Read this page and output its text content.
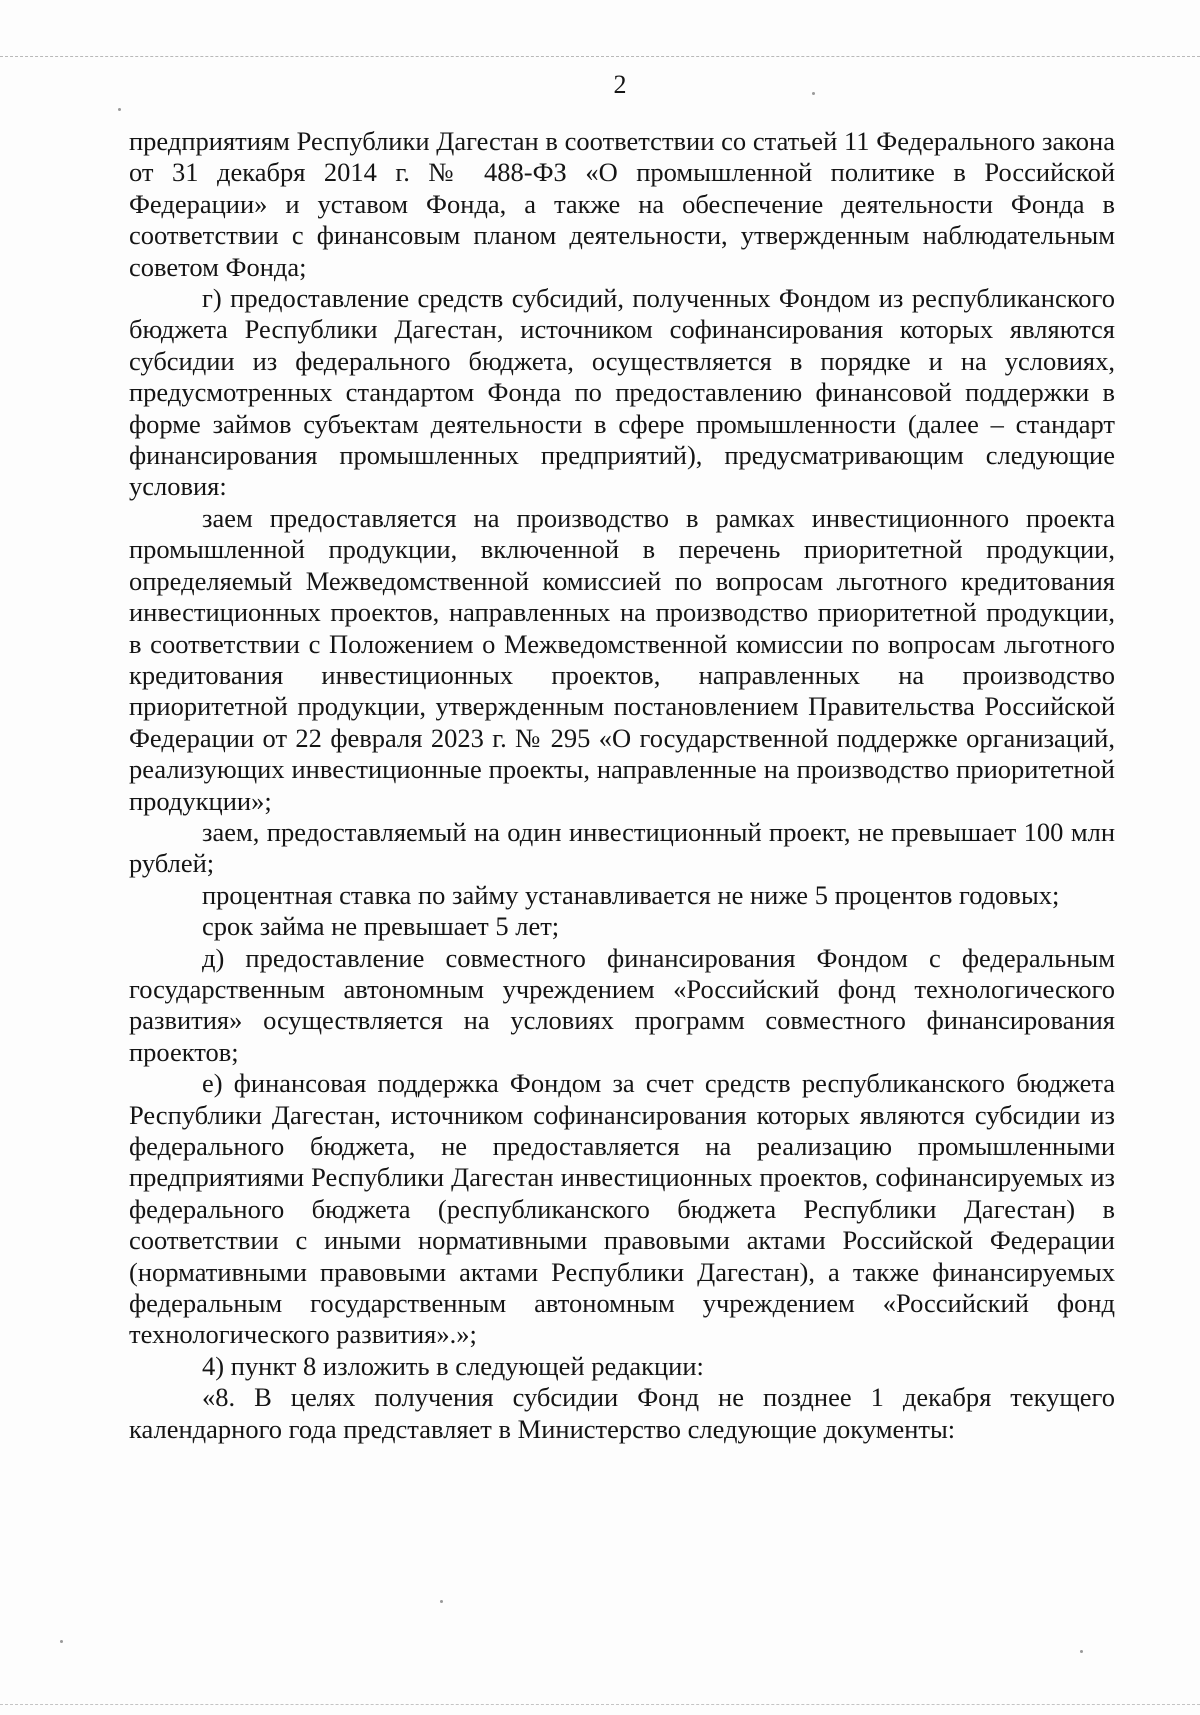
2

предприятиям Республики Дагестан в соответствии со статьей 11 Федерального закона от 31 декабря 2014 г. № 488-ФЗ «О промышленной политике в Российской Федерации» и уставом Фонда, а также на обеспечение деятельности Фонда в соответствии с финансовым планом деятельности, утвержденным наблюдательным советом Фонда;

г) предоставление средств субсидий, полученных Фондом из республиканского бюджета Республики Дагестан, источником софинансирования которых являются субсидии из федерального бюджета, осуществляется в порядке и на условиях, предусмотренных стандартом Фонда по предоставлению финансовой поддержки в форме займов субъектам деятельности в сфере промышленности (далее – стандарт финансирования промышленных предприятий), предусматривающим следующие условия:

заем предоставляется на производство в рамках инвестиционного проекта промышленной продукции, включенной в перечень приоритетной продукции, определяемый Межведомственной комиссией по вопросам льготного кредитования инвестиционных проектов, направленных на производство приоритетной продукции, в соответствии с Положением о Межведомственной комиссии по вопросам льготного кредитования инвестиционных проектов, направленных на производство приоритетной продукции, утвержденным постановлением Правительства Российской Федерации от 22 февраля 2023 г. № 295 «О государственной поддержке организаций, реализующих инвестиционные проекты, направленные на производство приоритетной продукции»;

заем, предоставляемый на один инвестиционный проект, не превышает 100 млн рублей;

процентная ставка по займу устанавливается не ниже 5 процентов годовых;

срок займа не превышает 5 лет;

д) предоставление совместного финансирования Фондом с федеральным государственным автономным учреждением «Российский фонд технологического развития» осуществляется на условиях программ совместного финансирования проектов;

е) финансовая поддержка Фондом за счет средств республиканского бюджета Республики Дагестан, источником софинансирования которых являются субсидии из федерального бюджета, не предоставляется на реализацию промышленными предприятиями Республики Дагестан инвестиционных проектов, софинансируемых из федерального бюджета (республиканского бюджета Республики Дагестан) в соответствии с иными нормативными правовыми актами Российской Федерации (нормативными правовыми актами Республики Дагестан), а также финансируемых федеральным государственным автономным учреждением «Российский фонд технологического развития».»;

4) пункт 8 изложить в следующей редакции:

«8. В целях получения субсидии Фонд не позднее 1 декабря текущего календарного года представляет в Министерство следующие документы:
